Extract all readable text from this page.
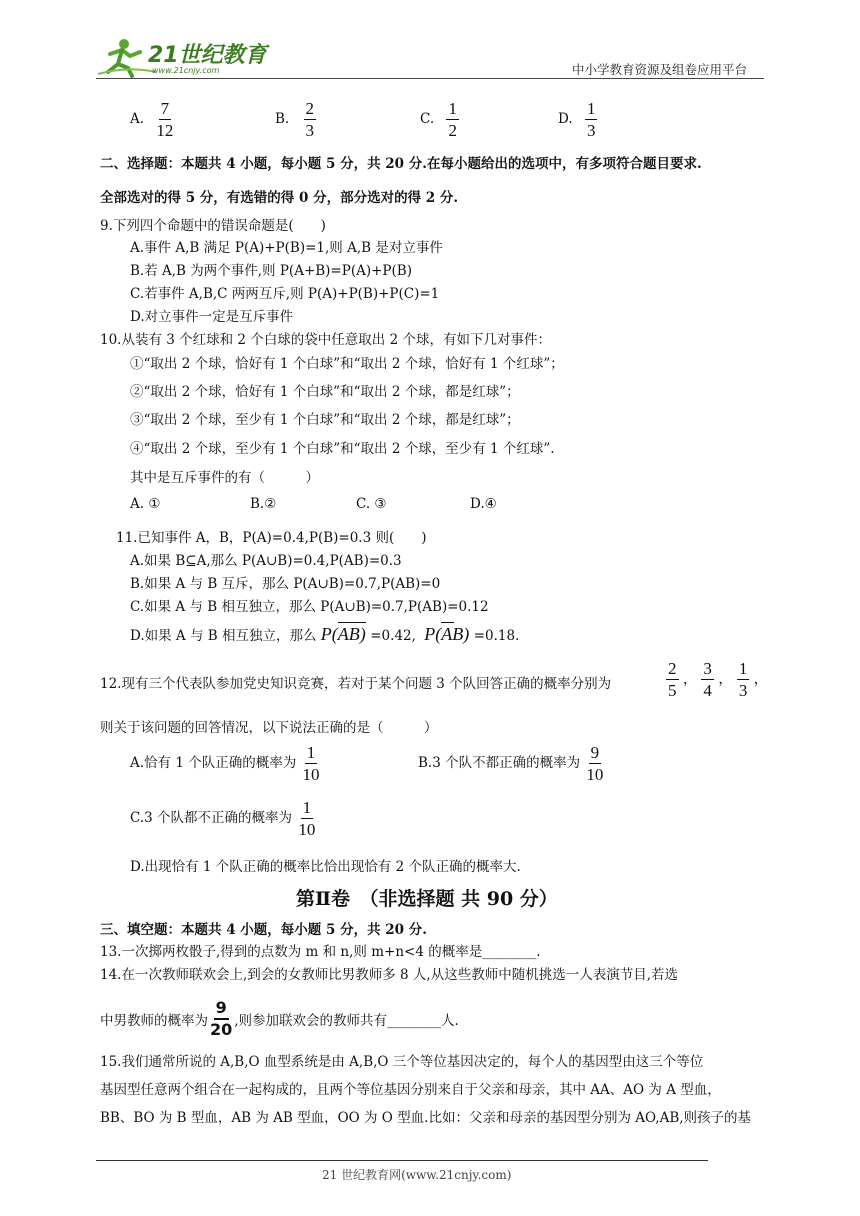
21世纪教育
www.21cnjy.com	中小学教育资源及组卷应用平台
A. $\frac{7}{12}$	B. $\frac{2}{3}$	C. $\frac{1}{2}$	D. $\frac{1}{3}$
二、选择题：本题共 4 小题，每小题 5 分，共 20 分.在每小题给出的选项中，有多项符合题目要求.
全部选对的得 5 分，有选错的得 0 分，部分选对的得 2 分.
9.下列四个命题中的错误命题是(　　)
A.事件 A,B 满足 P(A)+P(B)=1,则 A,B 是对立事件
B.若 A,B 为两个事件,则 P(A+B)=P(A)+P(B)
C.若事件 A,B,C 两两互斥,则 P(A)+P(B)+P(C)=1
D.对立事件一定是互斥事件
10.从装有 3 个红球和 2 个白球的袋中任意取出 2 个球，有如下几对事件：
①“取出 2 个球，恰好有 1 个白球”和“取出 2 个球，恰好有 1 个红球”；
②“取出 2 个球，恰好有 1 个白球”和“取出 2 个球，都是红球”；
③“取出 2 个球，至少有 1 个白球”和“取出 2 个球，都是红球”；
④“取出 2 个球，至少有 1 个白球”和“取出 2 个球，至少有 1 个红球”.
其中是互斥事件的有（　　　）
A. ①	B.②	C. ③	D.④
11.已知事件 A，B，P(A)=0.4,P(B)=0.3 则(　　)
A.如果 B⊆A,那么 P(A∪B)=0.4,P(AB)=0.3
B.如果 A 与 B 互斥，那么 P(A∪B)=0.7,P(AB)=0
C.如果 A 与 B 相互独立，那么 P(A∪B)=0.7,P(AB)=0.12
D.如果 A 与 B 相互独立，那么 P(AB) =0.42, P(AB) =0.18.
12.现有三个代表队参加党史知识竞赛，若对于某个问题 3 个队回答正确的概率分别为	$\frac{2}{5}$ ， $\frac{3}{4}$ ， $\frac{1}{3}$ ，
则关于该问题的回答情况，以下说法正确的是（　　　）
A.恰有 1 个队正确的概率为 $\frac{1}{10}$	B.3 个队不都正确的概率为 $\frac{9}{10}$
C.3 个队都不正确的概率为 $\frac{1}{10}$
D.出现恰有 1 个队正确的概率比恰出现恰有 2 个队正确的概率大.
第Ⅱ卷　（非选择题 共 90 分）
三、填空题：本题共 4 小题，每小题 5 分，共 20 分.
13.一次掷两枚骰子,得到的点数为 m 和 n,则 m+n<4 的概率是________.
14.在一次教师联欢会上,到会的女教师比男教师多 8 人,从这些教师中随机挑选一人表演节目,若选
中男教师的概率为 $\frac{9}{20}$ ,则参加联欢会的教师共有________人.
15.我们通常所说的 A,B,O 血型系统是由 A,B,O 三个等位基因决定的，每个人的基因型由这三个等位
基因型任意两个组合在一起构成的，且两个等位基因分别来自于父亲和母亲，其中 AA、AO 为 A 型血，
BB、BO 为 B 型血，AB 为 AB 型血，OO 为 O 型血.比如：父亲和母亲的基因型分别为 AO,AB,则孩子的基
21 世纪教育网(www.21cnjy.com)
